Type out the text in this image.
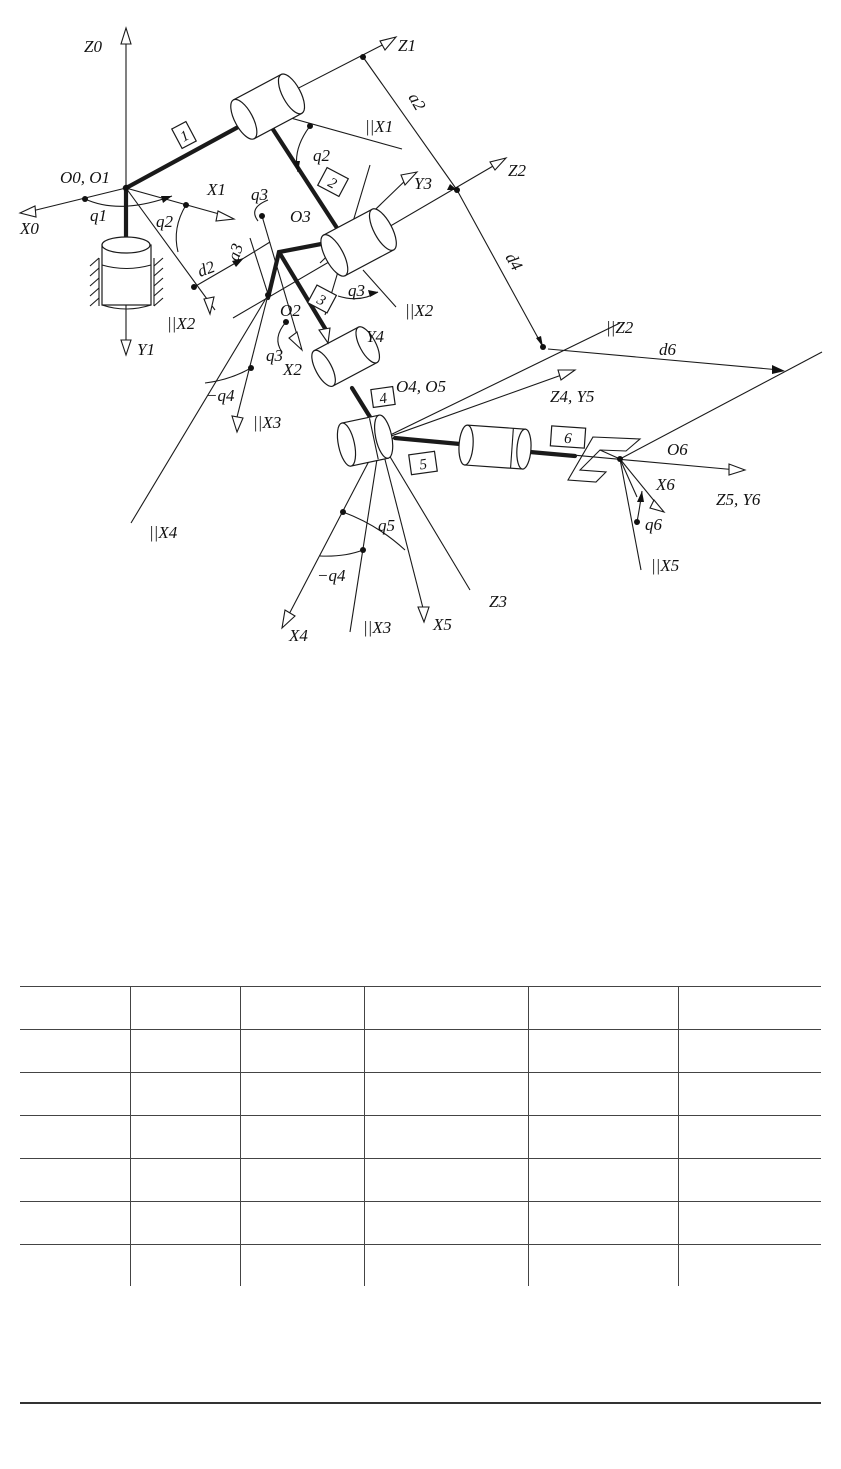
1
2
3
4
5
6
Z0	Z1
Z2
X0
X1
X2
X4
X5
X6
Y1
Y3
Y4
||X1
||X2
||X2
||X3
||X3
||X4
||X5
||Z2
O0, O1
O2
O3
O4, O5
O6
Z3
Z4, Y5
Z5, Y6
q1	q2
q2
q3
q3
q3
−q4
−q4
q5	q6
a2
a3
d2	d4
d6
